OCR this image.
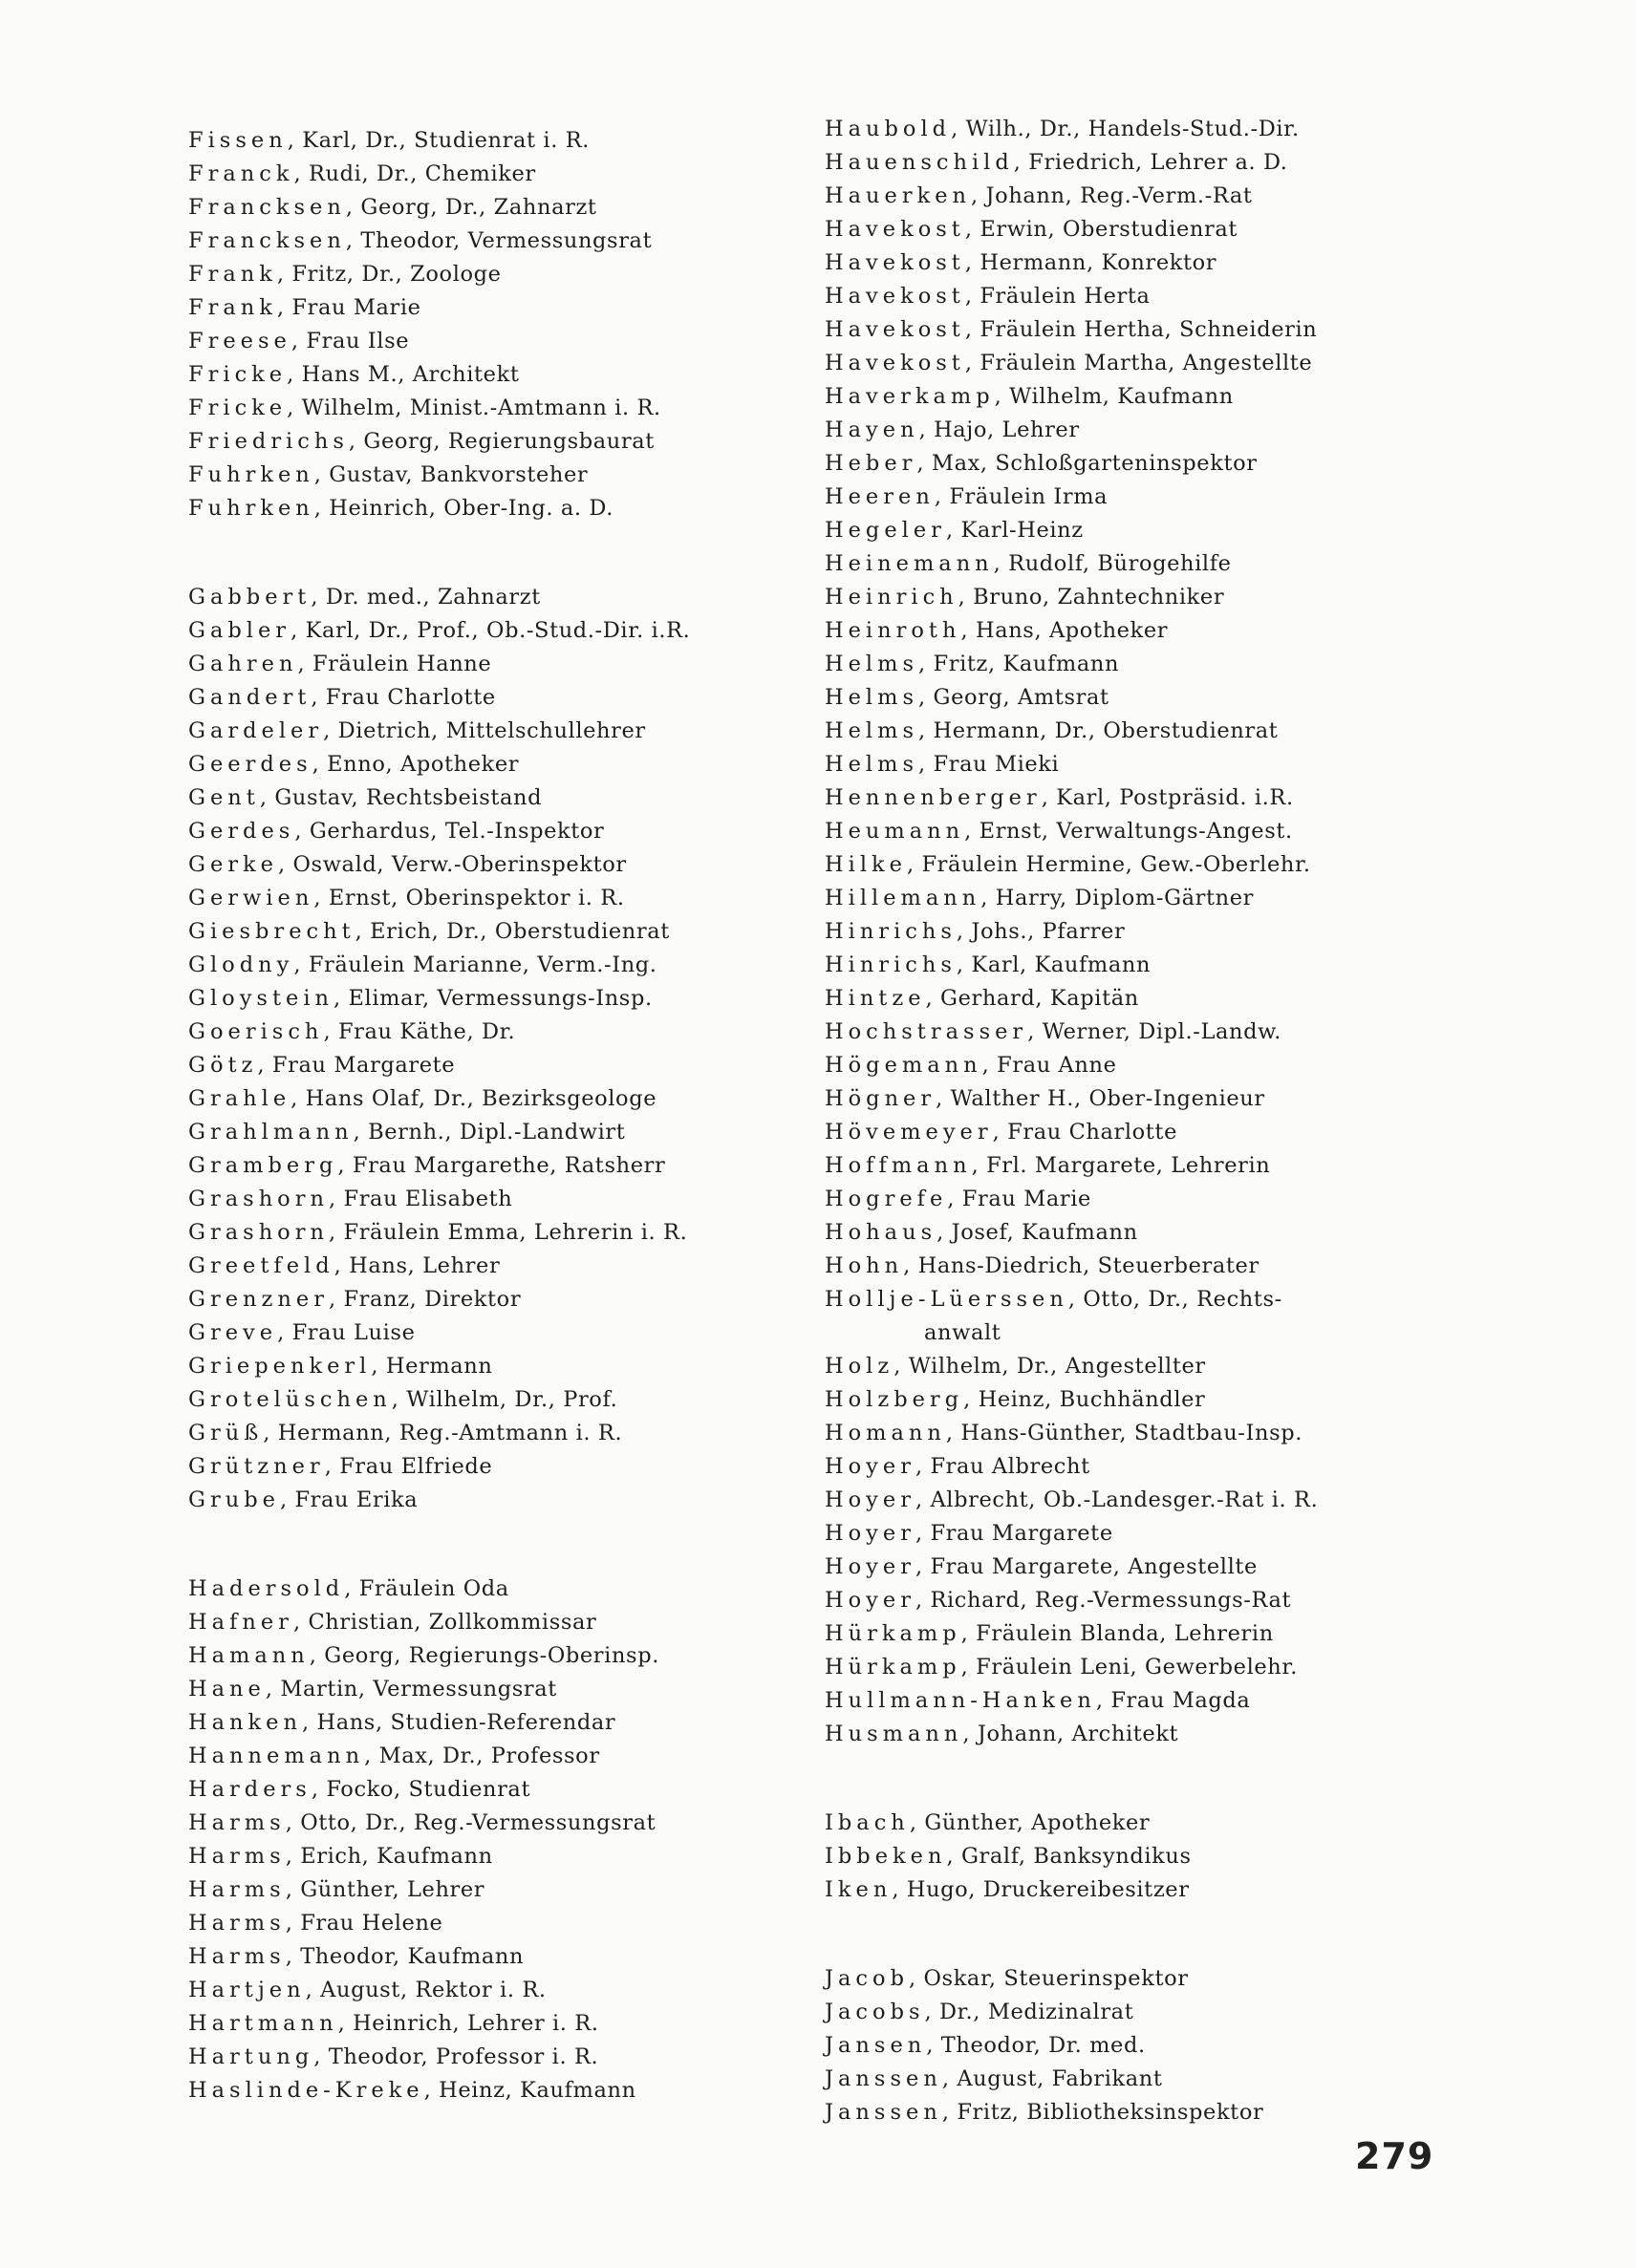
Fissen, Karl, Dr., Studienrat i. R.
Franck, Rudi, Dr., Chemiker
Francksen, Georg, Dr., Zahnarzt
Francksen, Theodor, Vermessungsrat
Frank, Fritz, Dr., Zoologe
Frank, Frau Marie
Freese, Frau Ilse
Fricke, Hans M., Architekt
Fricke, Wilhelm, Minist.-Amtmann i. R.
Friedrichs, Georg, Regierungsbaurat
Fuhrken, Gustav, Bankvorsteher
Fuhrken, Heinrich, Ober-Ing. a. D.
Gabbert, Dr. med., Zahnarzt
Gabler, Karl, Dr., Prof., Ob.-Stud.-Dir. i.R.
Gahren, Fräulein Hanne
Gandert, Frau Charlotte
Gardeler, Dietrich, Mittelschullehrer
Geerdes, Enno, Apotheker
Gent, Gustav, Rechtsbeistand
Gerdes, Gerhardus, Tel.-Inspektor
Gerke, Oswald, Verw.-Oberinspektor
Gerwien, Ernst, Oberinspektor i. R.
Giesbrecht, Erich, Dr., Oberstudienrat
Glodny, Fräulein Marianne, Verm.-Ing.
Gloystein, Elimar, Vermessungs-Insp.
Goerisch, Frau Käthe, Dr.
Götz, Frau Margarete
Grahle, Hans Olaf, Dr., Bezirksgeologe
Grahlmann, Bernh., Dipl.-Landwirt
Gramberg, Frau Margarethe, Ratsherr
Grashorn, Frau Elisabeth
Grashorn, Fräulein Emma, Lehrerin i. R.
Greetfeld, Hans, Lehrer
Grenzner, Franz, Direktor
Greve, Frau Luise
Griepenkerl, Hermann
Grotelüschen, Wilhelm, Dr., Prof.
Grüß, Hermann, Reg.-Amtmann i. R.
Grützner, Frau Elfriede
Grube, Frau Erika
Hadersold, Fräulein Oda
Hafner, Christian, Zollkommissar
Hamann, Georg, Regierungs-Oberinsp.
Hane, Martin, Vermessungsrat
Hanken, Hans, Studien-Referendar
Hannemann, Max, Dr., Professor
Harders, Focko, Studienrat
Harms, Otto, Dr., Reg.-Vermessungsrat
Harms, Erich, Kaufmann
Harms, Günther, Lehrer
Harms, Frau Helene
Harms, Theodor, Kaufmann
Hartjen, August, Rektor i. R.
Hartmann, Heinrich, Lehrer i. R.
Hartung, Theodor, Professor i. R.
Haslinde-Kreke, Heinz, Kaufmann
Haubold, Wilh., Dr., Handels-Stud.-Dir.
Hauenschild, Friedrich, Lehrer a. D.
Hauerken, Johann, Reg.-Verm.-Rat
Havekost, Erwin, Oberstudienrat
Havekost, Hermann, Konrektor
Havekost, Fräulein Herta
Havekost, Fräulein Hertha, Schneiderin
Havekost, Fräulein Martha, Angestellte
Haverkamp, Wilhelm, Kaufmann
Hayen, Hajo, Lehrer
Heber, Max, Schloßgarteninspektor
Heeren, Fräulein Irma
Hegeler, Karl-Heinz
Heinemann, Rudolf, Bürogehilfe
Heinrich, Bruno, Zahntechniker
Heinroth, Hans, Apotheker
Helms, Fritz, Kaufmann
Helms, Georg, Amtsrat
Helms, Hermann, Dr., Oberstudienrat
Helms, Frau Mieki
Hennenberger, Karl, Postpräsid. i.R.
Heumann, Ernst, Verwaltungs-Angest.
Hilke, Fräulein Hermine, Gew.-Oberlehr.
Hillemann, Harry, Diplom-Gärtner
Hinrichs, Johs., Pfarrer
Hinrichs, Karl, Kaufmann
Hintze, Gerhard, Kapitän
Hochstrasser, Werner, Dipl.-Landw.
Högemann, Frau Anne
Högner, Walther H., Ober-Ingenieur
Hövemeyer, Frau Charlotte
Hoffmann, Frl. Margarete, Lehrerin
Hogrefe, Frau Marie
Hohaus, Josef, Kaufmann
Hohn, Hans-Diedrich, Steuerberater
Hollje-Lüerssen, Otto, Dr., Rechts-
anwalt
Holz, Wilhelm, Dr., Angestellter
Holzberg, Heinz, Buchhändler
Homann, Hans-Günther, Stadtbau-Insp.
Hoyer, Frau Albrecht
Hoyer, Albrecht, Ob.-Landesger.-Rat i. R.
Hoyer, Frau Margarete
Hoyer, Frau Margarete, Angestellte
Hoyer, Richard, Reg.-Vermessungs-Rat
Hürkamp, Fräulein Blanda, Lehrerin
Hürkamp, Fräulein Leni, Gewerbelehr.
Hullmann-Hanken, Frau Magda
Husmann, Johann, Architekt
Ibach, Günther, Apotheker
Ibbeken, Gralf, Banksyndikus
Iken, Hugo, Druckereibesitzer
Jacob, Oskar, Steuerinspektor
Jacobs, Dr., Medizinalrat
Jansen, Theodor, Dr. med.
Janssen, August, Fabrikant
Janssen, Fritz, Bibliotheksinspektor
279
